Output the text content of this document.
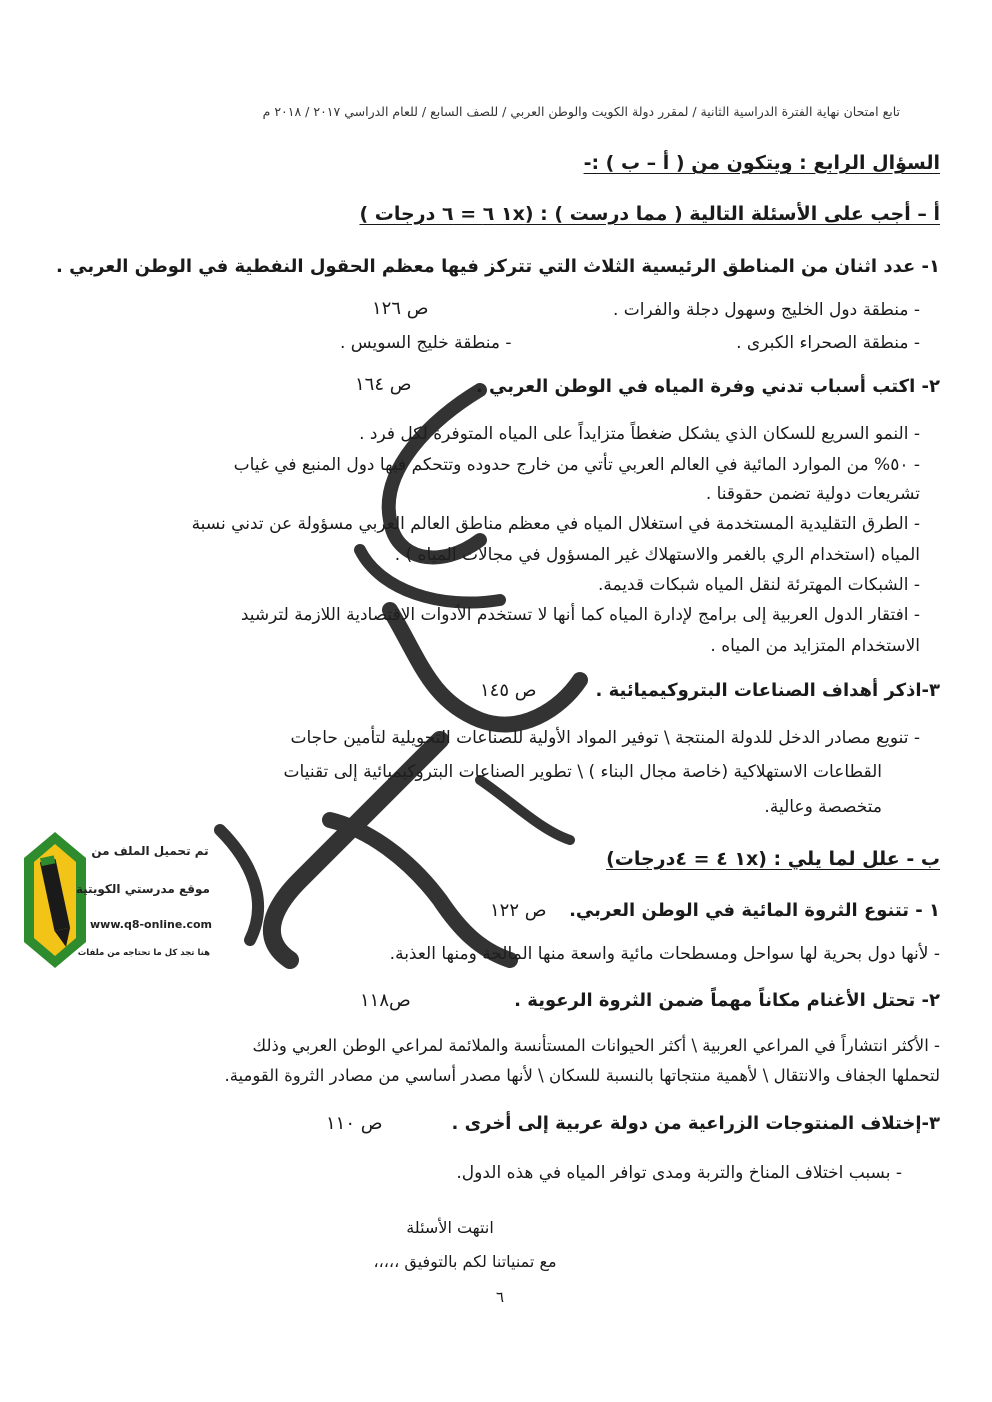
تابع امتحان نهاية الفترة الدراسية الثانية / لمقرر دولة الكويت والوطن العربي / للصف السابع / للعام الدراسي ٢٠١٧ / ٢٠١٨ م
السؤال الرابع : ويتكون من ( أ – ب ) :-
أ – أجب على الأسئلة التالية ( مما درست ) : (١x ٦ = ٦ درجات )
١- عدد اثنان من المناطق الرئيسية الثلاث التي تتركز فيها معظم الحقول النفطية في الوطن العربي .
- منطقة دول الخليج وسهول دجلة والفرات .
ص ١٢٦
- منطقة الصحراء الكبرى .
- منطقة خليج السويس .
٢- اكتب أسباب تدني وفرة المياه في الوطن العربي .
ص ١٦٤
- النمو السريع للسكان الذي يشكل ضغطاً متزايداً على المياه المتوفرة لكل فرد .
- ٥٠% من الموارد المائية في العالم العربي تأتي من خارج حدوده وتتحكم فيها دول المنبع في غياب
تشريعات دولية تضمن حقوقنا .
- الطرق التقليدية المستخدمة في استغلال المياه في معظم مناطق العالم العربي مسؤولة عن تدني نسبة
المياه (استخدام الري بالغمر والاستهلاك غير المسؤول في مجالات المياه ) .
- الشبكات المهترئة لنقل المياه شبكات قديمة.
- افتقار الدول العربية إلى برامج لإدارة المياه كما أنها لا تستخدم الأدوات الاقتصادية اللازمة لترشيد
الاستخدام المتزايد من المياه .
٣-اذكر أهداف الصناعات البتروكيميائية .
ص ١٤٥
- تنويع مصادر الدخل للدولة المنتجة \ توفير المواد الأولية للصناعات التحويلية لتأمين حاجات
القطاعات الاستهلاكية (خاصة مجال البناء ) \ تطوير الصناعات البتروكيميائية إلى تقنيات
متخصصة وعالية.
ب - علل لما يلي : (١x ٤ = ٤درجات)
١ - تتنوع الثروة المائية في الوطن العربي.
ص ١٢٢
- لأنها دول بحرية لها سواحل ومسطحات مائية واسعة منها المالحة ومنها العذبة.
٢- تحتل الأغنام مكاناً مهماً ضمن الثروة الرعوية .
ص١١٨
- الأكثر انتشاراً في المراعي العربية \ أكثر الحيوانات المستأنسة والملائمة لمراعي الوطن العربي وذلك
لتحملها الجفاف والانتقال \ لأهمية منتجاتها بالنسبة للسكان \ لأنها مصدر أساسي من مصادر الثروة القومية.
٣-إختلاف المنتوجات الزراعية من دولة عربية إلى أخرى .
ص ١١٠
- بسبب اختلاف المناخ والتربة ومدى توافر المياه في هذه الدول.
انتهت الأسئلة
مع تمنياتنا لكم بالتوفيق ،،،،،
٦
تم تحميل الملف من
موقع مدرستي الكويتية
www.q8-online.com
هنا تجد كل ما تحتاجه من ملفات
